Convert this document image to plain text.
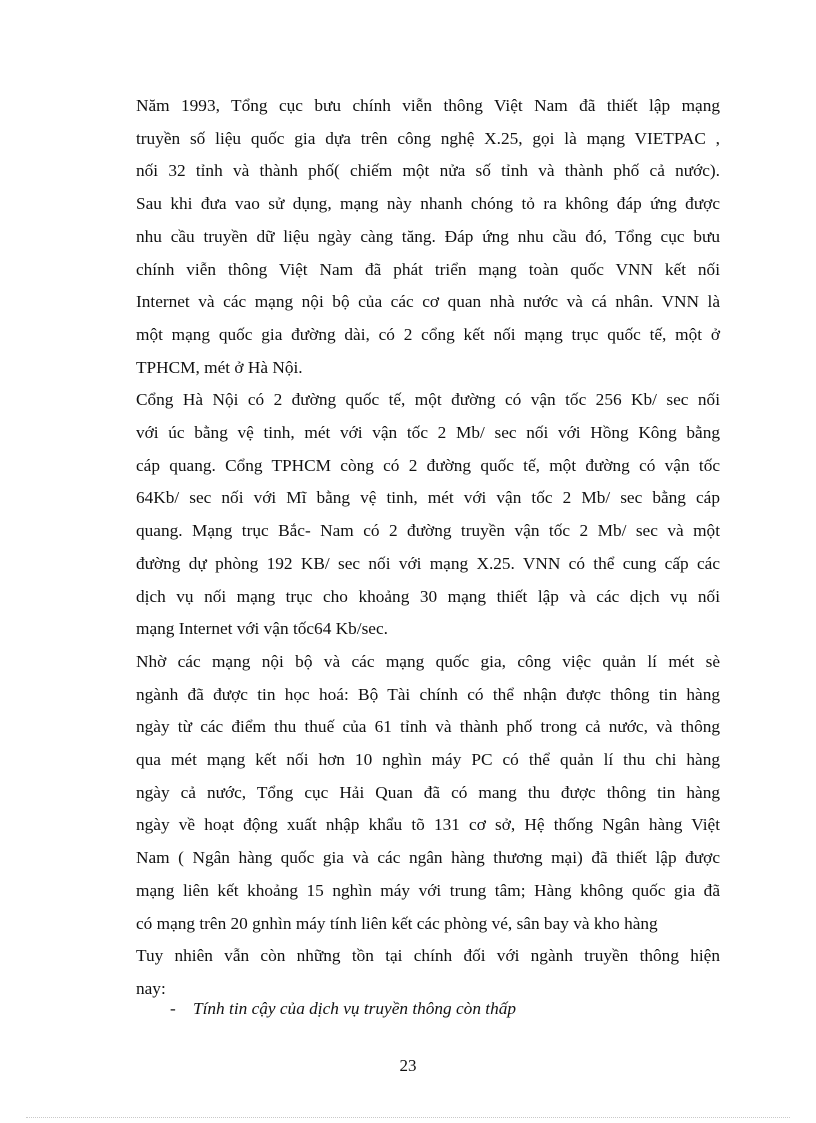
Năm 1993, Tổng cục bưu chính viễn thông Việt Nam đã thiết lập mạng
truyền số liệu quốc gia dựa trên công nghệ X.25, gọi là mạng VIETPAC ,
nối 32 tỉnh và thành phố( chiếm một nửa số tỉnh và thành phố cả nước).
Sau khi đưa vao sử dụng, mạng này nhanh chóng tỏ ra không đáp ứng được
nhu cầu truyền dữ liệu ngày càng tăng. Đáp ứng nhu cầu đó, Tổng cục bưu
chính viễn thông Việt Nam đã phát triển mạng toàn quốc VNN kết nối
Internet và các mạng nội bộ của các cơ quan nhà nước và cá nhân. VNN là
một mạng quốc gia đường dài, có 2 cổng kết nối mạng trục quốc tế, một ở
TPHCM, mét ở Hà Nội.
Cổng Hà Nội có 2 đường quốc tế, một đường có vận tốc 256 Kb/ sec nối
với úc bằng vệ tinh, mét với vận tốc 2 Mb/ sec nối với Hồng Kông bằng
cáp quang. Cổng TPHCM còng có 2 đường quốc tế, một đường có vận tốc
64Kb/ sec nối với Mĩ bằng vệ tinh, mét với vận tốc 2 Mb/ sec bằng cáp
quang. Mạng trục Bắc- Nam có 2 đường truyền vận tốc 2 Mb/ sec và một
đường dự phòng 192 KB/ sec nối với mạng X.25. VNN có thể cung cấp các
dịch vụ nối mạng trục cho khoảng 30 mạng thiết lập và các dịch vụ nối
mạng Internet với vận tốc64 Kb/sec.
Nhờ các mạng nội bộ và các mạng quốc gia, công việc quản lí mét sè
ngành đã được tin học hoá: Bộ Tài chính có thể nhận được thông tin hàng
ngày từ các điểm thu thuế của 61 tỉnh và thành phố trong cả nước, và thông
qua mét mạng kết nối hơn 10 nghìn máy PC có thể quản lí thu chi hàng
ngày cả nước, Tổng cục Hải Quan đã có mang thu được thông tin hàng
ngày về hoạt động xuất nhập khẩu tõ 131 cơ sở, Hệ thống Ngân hàng Việt
Nam ( Ngân hàng quốc gia và các ngân hàng thương mại) đã thiết lập được
mạng liên kết khoảng 15 nghìn máy với trung tâm; Hàng không quốc gia đã
có mạng trên 20 gnhìn máy tính liên kết các phòng vé, sân bay và kho hàng
Tuy nhiên vẫn còn những tồn tại chính đối với ngành truyền thông hiện
nay:
- Tính tin cậy của dịch vụ truyền thông còn thấp
23
